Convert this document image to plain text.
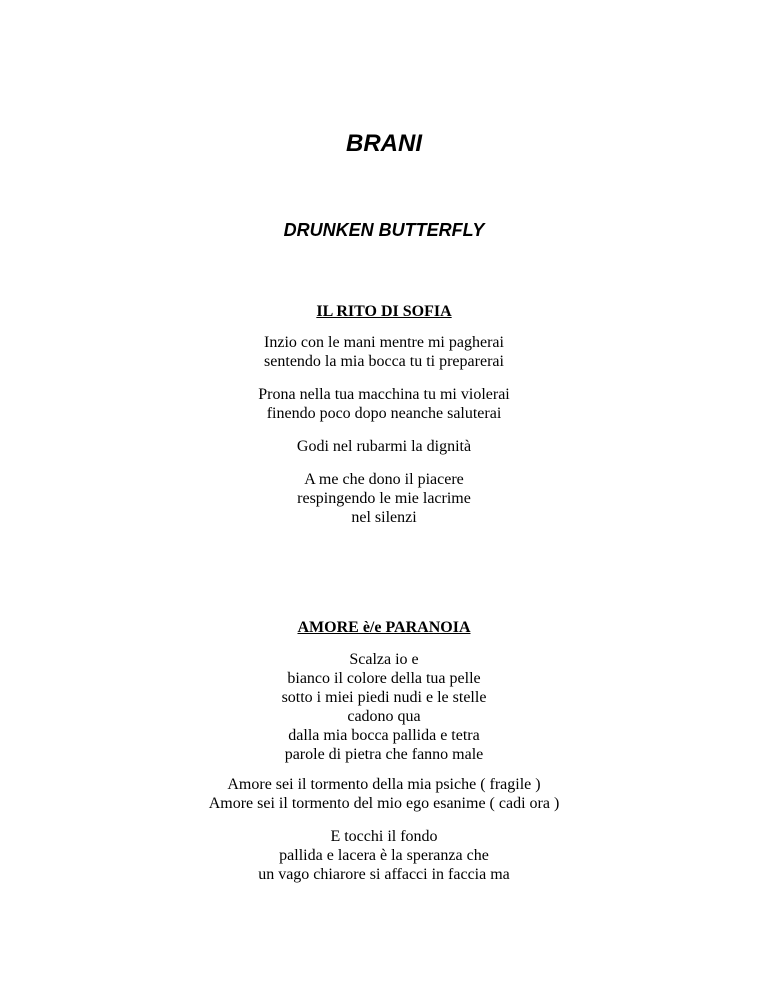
BRANI
DRUNKEN BUTTERFLY
IL RITO DI SOFIA

Inzio con le mani mentre mi pagherai
sentendo la mia bocca tu ti preparerai

Prona nella tua macchina tu mi violerai
finendo poco dopo neanche saluterai

Godi nel rubarmi la dignità

A me che dono il piacere
respingendo le mie lacrime
nel silenzi

AMORE è/e PARANOIA

Scalza io e
bianco il colore della tua pelle
sotto i miei piedi nudi e le stelle
cadono qua
dalla mia bocca pallida e tetra
parole di pietra che fanno male

Amore sei il tormento della mia psiche ( fragile )
Amore sei il tormento del mio ego esanime ( cadi ora )

E tocchi il fondo
pallida e lacera è la speranza che
un vago chiarore si affacci in faccia ma
